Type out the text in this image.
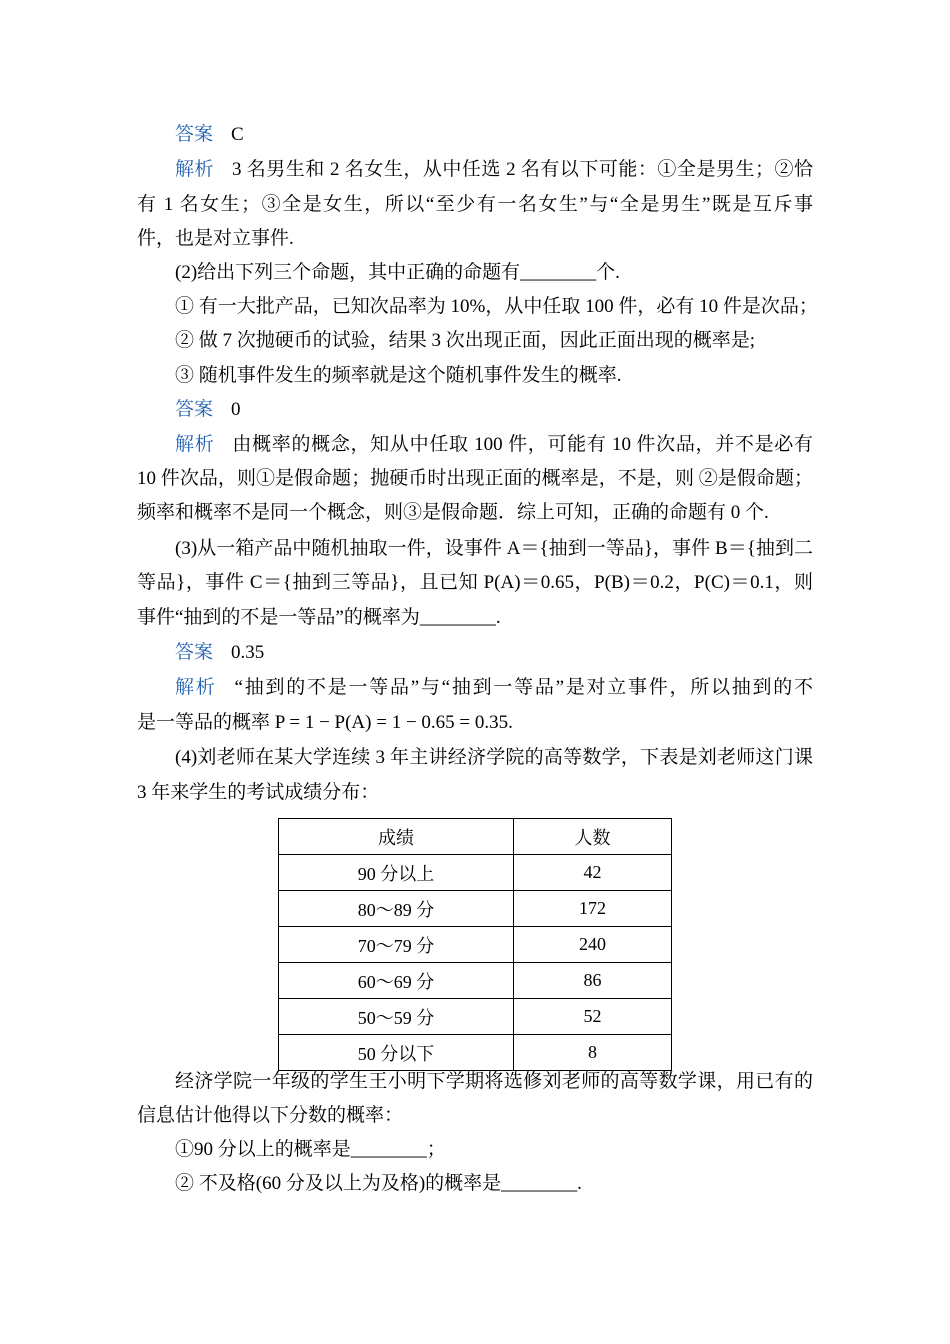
答案 C
解析 3 名男生和 2 名女生，从中任选 2 名有以下可能：①全是男生；②恰
有 1 名女生；③全是女生，所以“至少有一名女生”与“全是男生”既是互斥事
件，也是对立事件.
(2)给出下列三个命题，其中正确的命题有________个.
① 有一大批产品，已知次品率为 10%，从中任取 100 件，必有 10 件是次品；
② 做 7 次抛硬币的试验，结果 3 次出现正面，因此正面出现的概率是;
③ 随机事件发生的频率就是这个随机事件发生的概率.
答案 0
解析 由概率的概念，知从中任取 100 件，可能有 10 件次品，并不是必有
10 件次品，则①是假命题；抛硬币时出现正面的概率是，不是，则 ②是假命题；
频率和概率不是同一个概念，则③是假命题．综上可知，正确的命题有 0 个.
(3)从一箱产品中随机抽取一件，设事件 A＝{抽到一等品}，事件 B＝{抽到二
等品}，事件 C＝{抽到三等品}，且已知 P(A)＝0.65，P(B)＝0.2，P(C)＝0.1，则
事件“抽到的不是一等品”的概率为________.
答案 0.35
解析 “抽到的不是一等品”与“抽到一等品”是对立事件，所以抽到的不
是一等品的概率 P = 1 − P(A) = 1 − 0.65 = 0.35.
(4)刘老师在某大学连续 3 年主讲经济学院的高等数学，下表是刘老师这门课
3 年来学生的考试成绩分布：
成绩	人数
90 分以上	42
80～89 分	172
70～79 分	240
60～69 分	86
50～59 分	52
50 分以下	8
经济学院一年级的学生王小明下学期将选修刘老师的高等数学课，用已有的
信息估计他得以下分数的概率：
①90 分以上的概率是________；
② 不及格(60 分及以上为及格)的概率是________.
